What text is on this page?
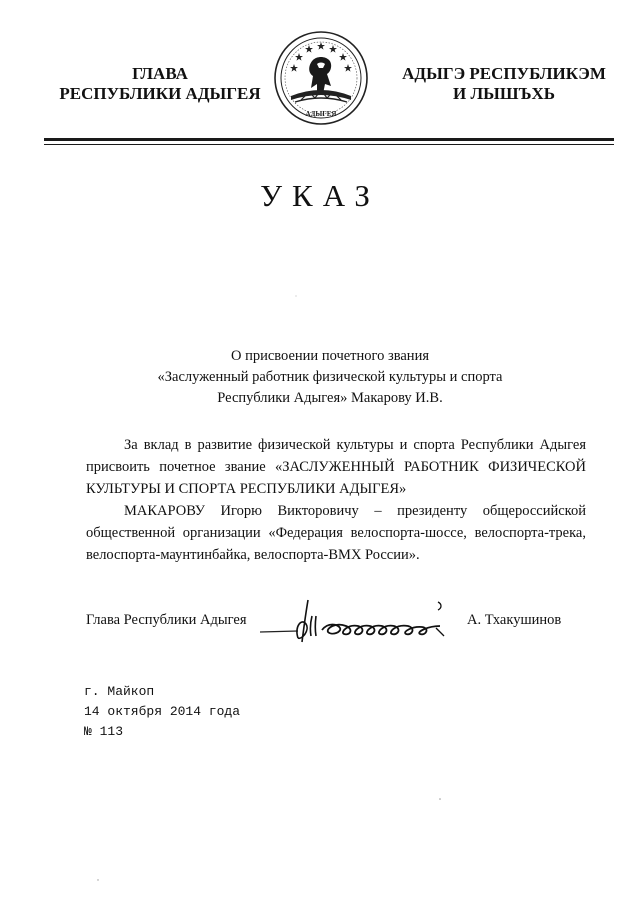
ГЛАВА
РЕСПУБЛИКИ АДЫГЕЯ
АДЫГЕЯ
АДЫГЭ РЕСПУБЛИКЭМ
И ЛЫШЪХЬ
УКАЗ
О присвоении почетного звания
«Заслуженный работник физической культуры и спорта
Республики Адыгея» Макарову И.В.
За вклад в развитие физической культуры и спорта Республики Адыгея присвоить почетное звание «ЗАСЛУЖЕННЫЙ РАБОТНИК ФИЗИЧЕСКОЙ КУЛЬТУРЫ И СПОРТА РЕСПУБЛИКИ АДЫГЕЯ»
МАКАРОВУ Игорю Викторовичу – президенту общероссийской общественной организации «Федерация велоспорта-шоссе, велоспорта-трека, велоспорта-маунтинбайка, велоспорта-ВМХ России».
Глава Республики Адыгея	А. Тхакушинов
г. Майкоп
14 октября 2014 года
№ 113
